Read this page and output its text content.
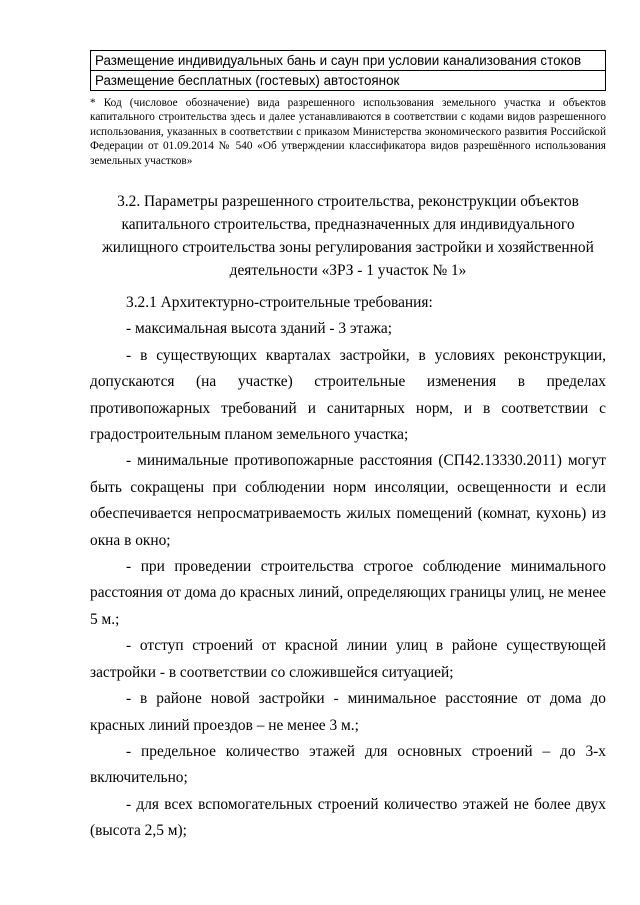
Размещение индивидуальных бань и саун при условии канализования стоков
Размещение бесплатных (гостевых) автостоянок
* Код (числовое обозначение) вида разрешенного использования земельного участка и объектов капитального строительства здесь и далее устанавливаются в соответствии с кодами видов разрешенного использования, указанных в соответствии с приказом Министерства экономического развития Российской Федерации от 01.09.2014 № 540 «Об утверждении классификатора видов разрешённого использования земельных участков»
3.2. Параметры разрешенного строительства, реконструкции объектов капитального строительства, предназначенных для индивидуального жилищного строительства зоны регулирования застройки и хозяйственной деятельности «ЗРЗ - 1 участок № 1»

3.2.1 Архитектурно-строительные требования:

- максимальная высота зданий - 3 этажа;

- в существующих кварталах застройки, в условиях реконструкции, допускаются (на участке) строительные изменения в пределах противопожарных требований и санитарных норм, и в соответствии с градостроительным планом земельного участка;

- минимальные противопожарные расстояния (СП42.13330.2011) могут быть сокращены при соблюдении норм инсоляции, освещенности и если обеспечивается непросматриваемость жилых помещений (комнат, кухонь) из окна в окно;

- при проведении строительства строгое соблюдение минимального расстояния от дома до красных линий, определяющих границы улиц, не менее 5 м.;

- отступ строений от красной линии улиц в районе существующей застройки - в соответствии со сложившейся ситуацией;

- в районе новой застройки - минимальное расстояние от дома до красных линий проездов – не менее 3 м.;

- предельное количество этажей для основных строений – до 3-х включительно;

- для всех вспомогательных строений количество этажей не более двух (высота 2,5 м);
